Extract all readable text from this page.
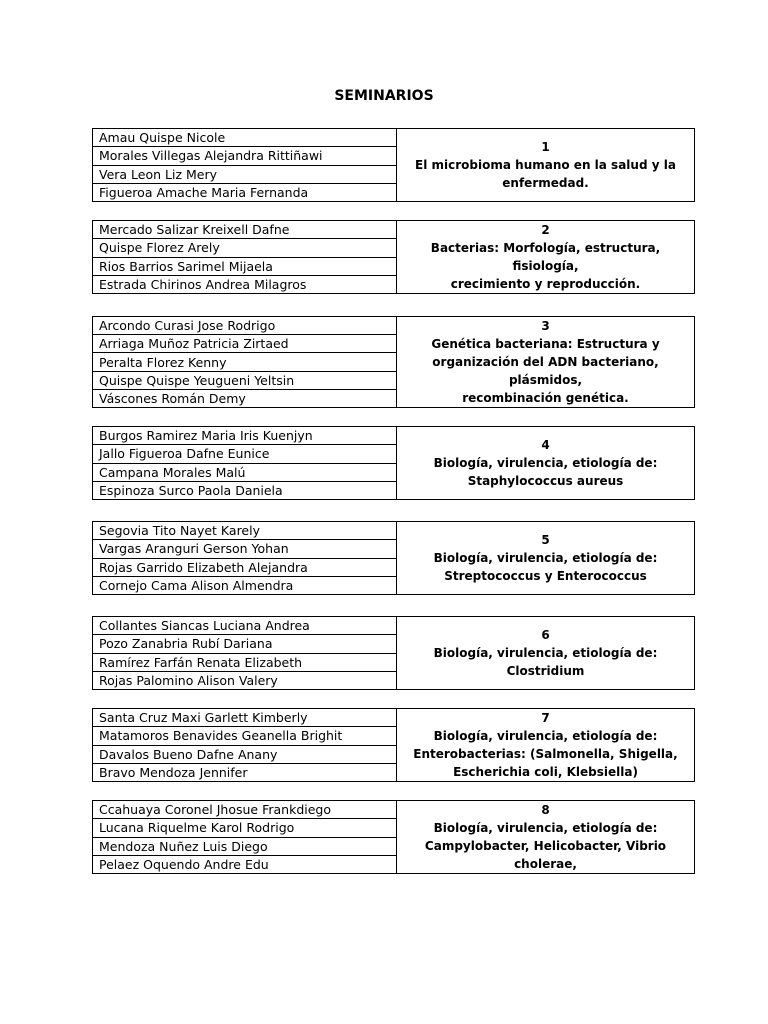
SEMINARIOS
Amau Quispe Nicole
Morales Villegas Alejandra Rittiñawi
Vera Leon Liz Mery
Figueroa Amache Maria Fernanda
1
El microbioma humano en la salud y la
enfermedad.
Mercado Salizar Kreixell Dafne
Quispe Florez Arely
Rios Barrios Sarimel Mijaela
Estrada Chirinos Andrea Milagros
2
Bacterias: Morfología, estructura, fisiología,
crecimiento y reproducción.
Arcondo Curasi Jose Rodrigo
Arriaga Muñoz Patricia Zirtaed
Peralta Florez Kenny
Quispe Quispe Yeugueni Yeltsin
Váscones Román Demy
3
Genética bacteriana: Estructura y
organización del ADN bacteriano, plásmidos,
recombinación genética.
Burgos Ramirez Maria Iris Kuenjyn
Jallo Figueroa Dafne Eunice
Campana Morales Malú
Espinoza Surco Paola Daniela
4
Biología, virulencia, etiología de:
Staphylococcus aureus
Segovia Tito Nayet Karely
Vargas Aranguri Gerson Yohan
Rojas Garrido Elizabeth Alejandra
Cornejo Cama Alison Almendra
5
Biología, virulencia, etiología de:
Streptococcus y Enterococcus
Collantes Siancas Luciana Andrea
Pozo Zanabria Rubí Dariana
Ramírez Farfán Renata Elizabeth
Rojas Palomino Alison Valery
6
Biología, virulencia, etiología de:
Clostridium
Santa Cruz Maxi Garlett Kimberly
Matamoros Benavides Geanella Brighit
Davalos Bueno Dafne Anany
Bravo Mendoza Jennifer
7
Biología, virulencia, etiología de:
Enterobacterias: (Salmonella, Shigella,
Escherichia coli, Klebsiella)
Ccahuaya Coronel Jhosue Frankdiego
Lucana Riquelme Karol Rodrigo
Mendoza Nuñez Luis Diego
Pelaez Oquendo Andre Edu
8
Biología, virulencia, etiología de:
Campylobacter, Helicobacter, Vibrio
cholerae,
